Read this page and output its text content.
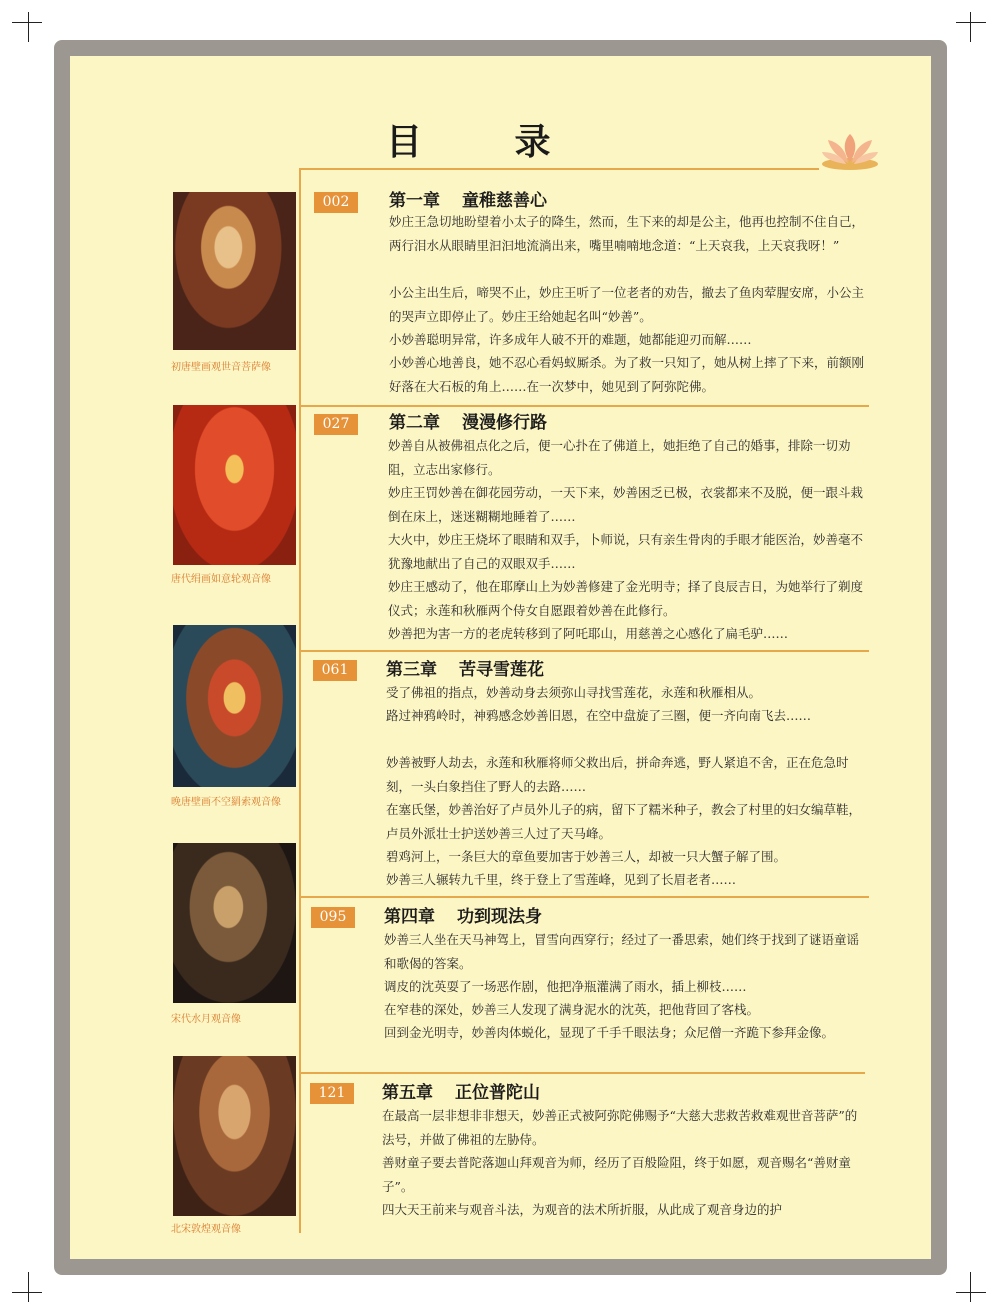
目 录

初唐壁画观世音菩萨像

唐代绢画如意轮观音像

晚唐壁画不空羂索观音像

宋代水月观音像

北宋敦煌观音像

002	第一章 童稚慈善心

妙庄王急切地盼望着小太子的降生，然而，生下来的却是公主，他再也控制不住自己，两行泪水从眼睛里汩汩地流淌出来，嘴里喃喃地念道：“上天哀我，上天哀我呀！”

小公主出生后，啼哭不止，妙庄王听了一位老者的劝告，撤去了鱼肉荤腥安席，小公主的哭声立即停止了。妙庄王给她起名叫“妙善”。

小妙善聪明异常，许多成年人破不开的难题，她都能迎刃而解……

小妙善心地善良，她不忍心看妈蚁厮杀。为了救一只知了，她从树上摔了下来，前额刚好落在大石板的角上……在一次梦中，她见到了阿弥陀佛。

027	第二章 漫漫修行路

妙善自从被佛祖点化之后，便一心扑在了佛道上，她拒绝了自己的婚事，排除一切劝阻，立志出家修行。

妙庄王罚妙善在御花园劳动，一天下来，妙善困乏已极，衣裳都来不及脱，便一跟斗栽倒在床上，迷迷糊糊地睡着了……

大火中，妙庄王烧坏了眼睛和双手，卜师说，只有亲生骨肉的手眼才能医治，妙善毫不犹豫地献出了自己的双眼双手……

妙庄王感动了，他在耶摩山上为妙善修建了金光明寺；择了良辰吉日，为她举行了剃度仪式；永莲和秋雁两个侍女自愿跟着妙善在此修行。

妙善把为害一方的老虎转移到了阿吒耶山，用慈善之心感化了扁毛驴……

061	第三章 苦寻雪莲花

受了佛祖的指点，妙善动身去须弥山寻找雪莲花，永莲和秋雁相从。

路过神鸦岭时，神鸦感念妙善旧恩，在空中盘旋了三圈，便一齐向南飞去……

妙善被野人劫去，永莲和秋雁将师父救出后，拼命奔逃，野人紧追不舍，正在危急时刻，一头白象挡住了野人的去路……

在塞氏堡，妙善治好了卢员外儿子的病，留下了糯米种子，教会了村里的妇女编草鞋，卢员外派壮士护送妙善三人过了天马峰。

碧鸡河上，一条巨大的章鱼要加害于妙善三人，却被一只大蟹子解了围。

妙善三人辗转九千里，终于登上了雪莲峰，见到了长眉老者……

095	第四章 功到现法身

妙善三人坐在天马神驾上，冒雪向西穿行；经过了一番思索，她们终于找到了谜语童谣和歌偈的答案。

调皮的沈英耍了一场恶作剧，他把净瓶灌满了雨水，插上柳枝……

在窄巷的深处，妙善三人发现了满身泥水的沈英，把他背回了客栈。

回到金光明寺，妙善肉体蜕化，显现了千手千眼法身；众尼僧一齐跪下参拜金像。

121	第五章 正位普陀山

在最高一层非想非非想天，妙善正式被阿弥陀佛赐予“大慈大悲救苦救难观世音菩萨”的法号，并做了佛祖的左胁侍。

善财童子要去普陀落迦山拜观音为师，经历了百般险阻，终于如愿，观音赐名“善财童子”。

四大天王前来与观音斗法，为观音的法术所折服，从此成了观音身边的护
